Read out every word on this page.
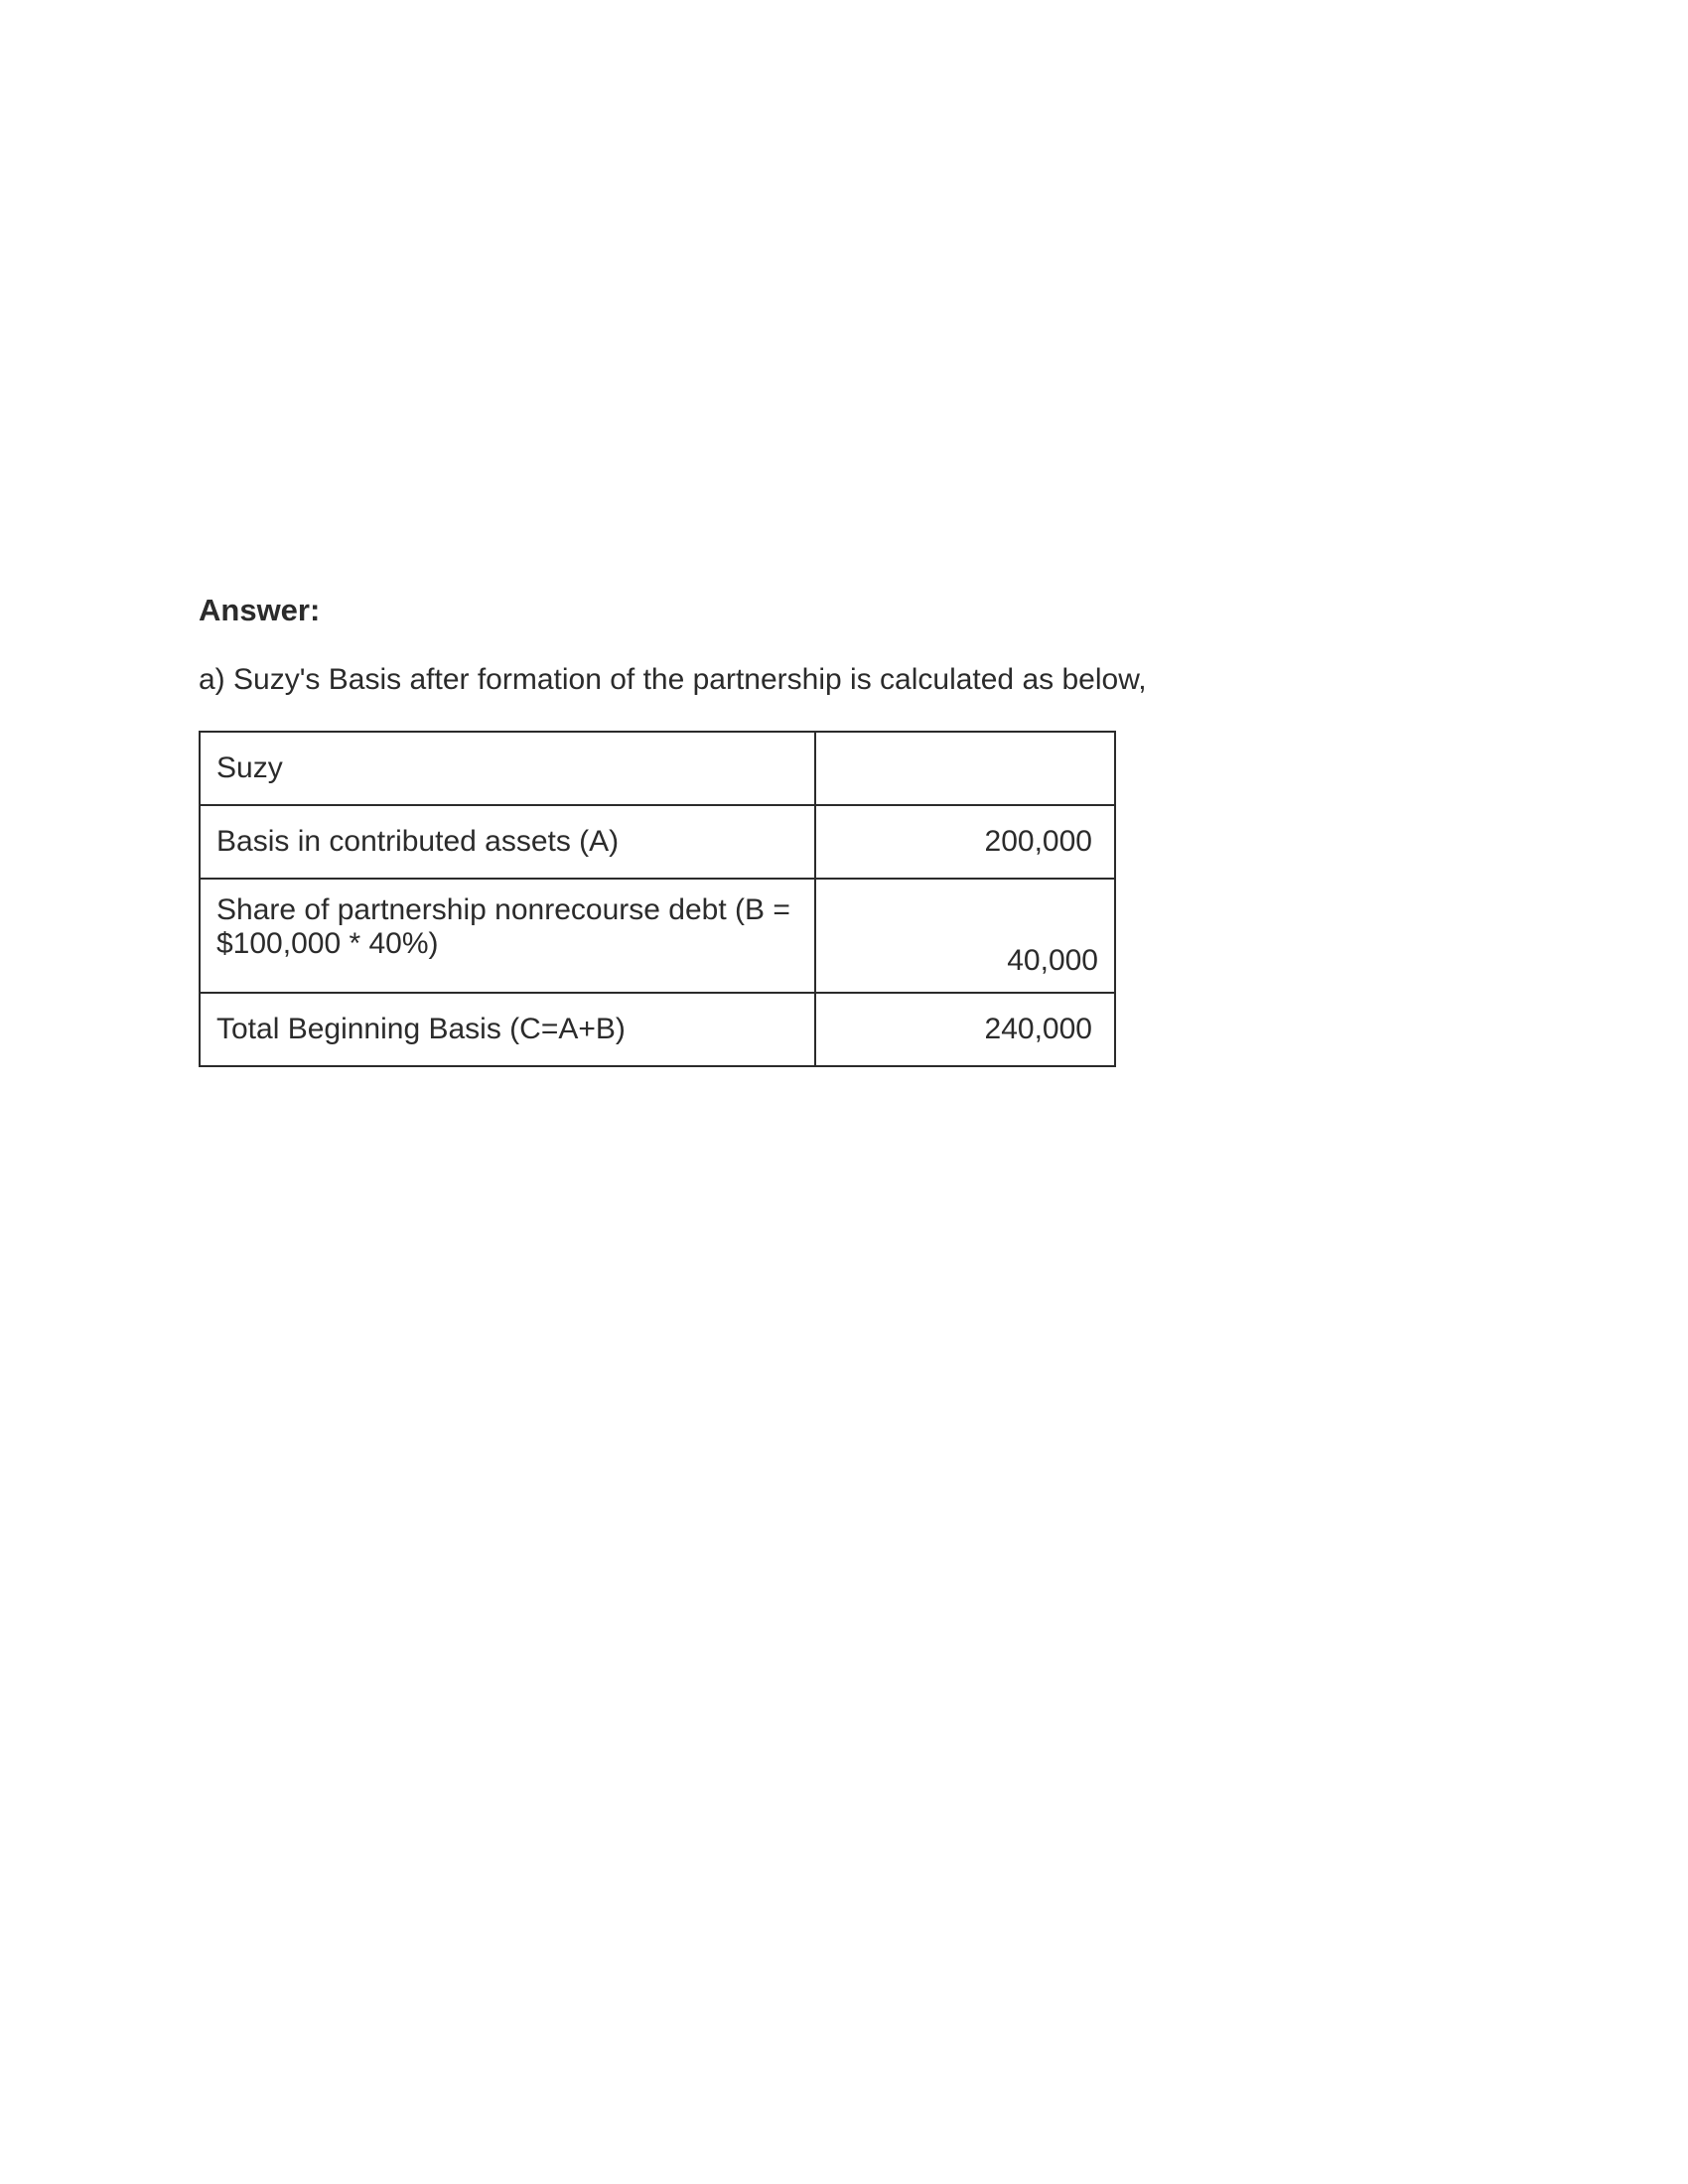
Answer:

a) Suzy's Basis after formation of the partnership is calculated as below,

Suzy	
Basis in contributed assets (A)	200,000
Share of partnership nonrecourse debt (B =
$100,000 * 40%)	40,000
Total Beginning Basis (C=A+B)	240,000
